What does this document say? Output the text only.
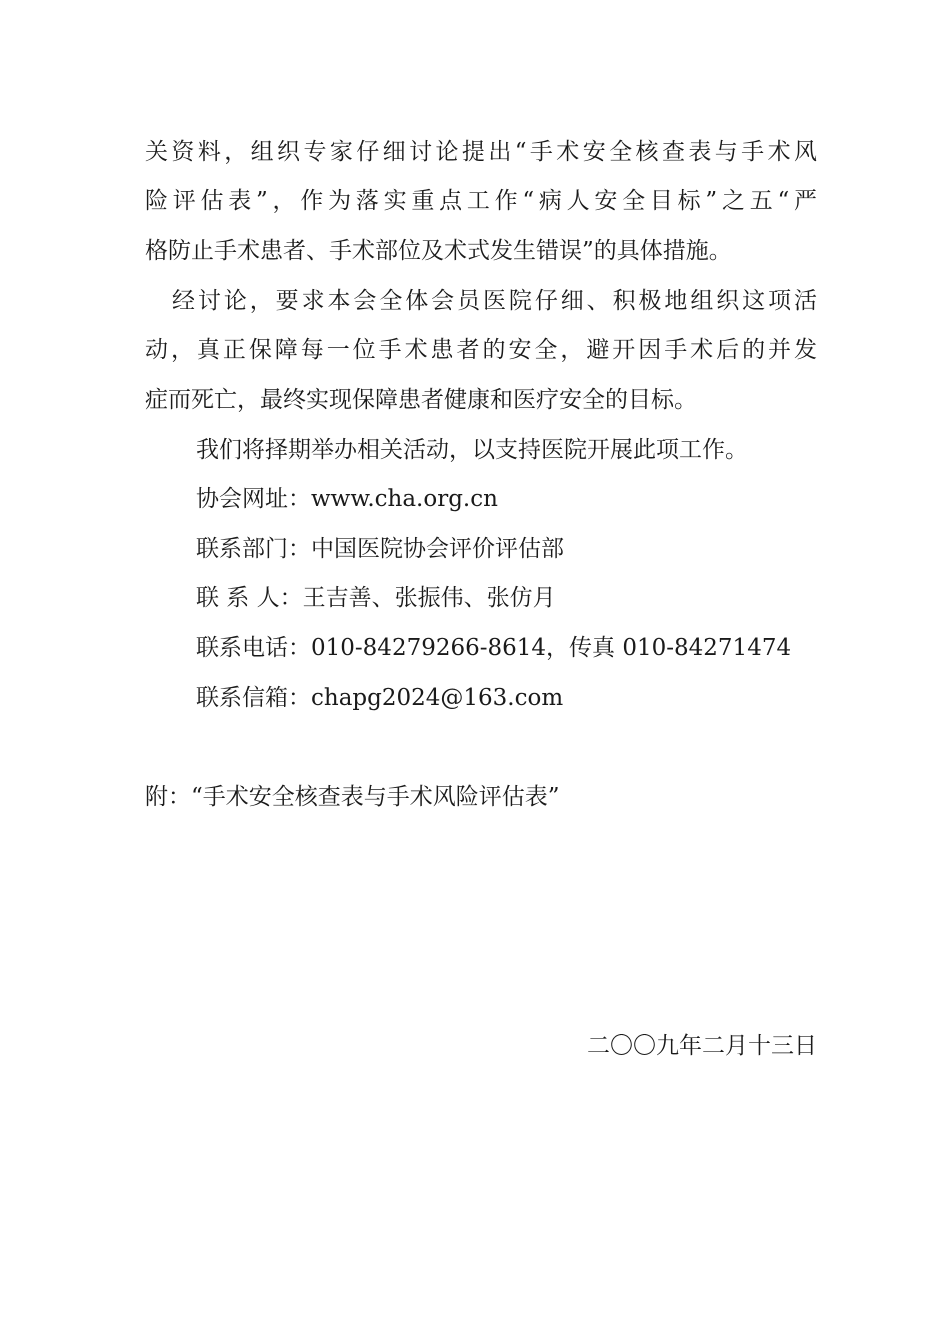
关资料，组织专家仔细讨论提出“手术安全核查表与手术风
险评估表”，作为落实重点工作“病人安全目标”之五“严
格防止手术患者、手术部位及术式发生错误”的具体措施。
经讨论，要求本会全体会员医院仔细、积极地组织这项活
动，真正保障每一位手术患者的安全，避开因手术后的并发
症而死亡，最终实现保障患者健康和医疗安全的目标。
我们将择期举办相关活动，以支持医院开展此项工作。
协会网址：www.cha.org.cn
联系部门：中国医院协会评价评估部
联 系 人：王吉善、张振伟、张仿月
联系电话：010-84279266-8614，传真 010-84271474
联系信箱：chapg2024@163.com
附：“手术安全核查表与手术风险评估表”
二〇〇九年二月十三日
